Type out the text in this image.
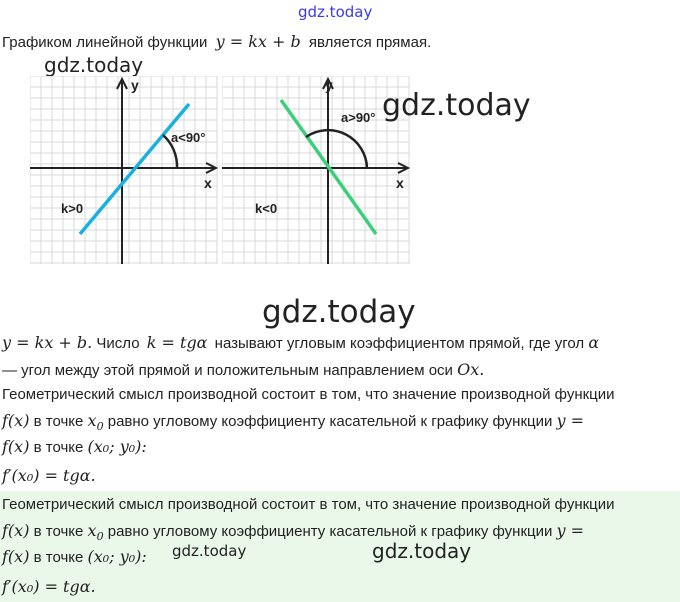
gdz.today
Графиком линейной функции y = kx + b является прямая.
gdz.today
a<90°
x
y
k>0
a>90°
x
y
k<0
gdz.today
gdz.today
y = kx + b. Число k = tgα называют угловым коэффициентом прямой, где угол α
— угол между этой прямой и положительным направлением оси Ox.
Геометрический смысл производной состоит в том, что значение производной функции
f(x) в точке $x_0$ равно угловому коэффициенту касательной к графику функции y =
f(x) в точке (x₀; y₀):
f′(x₀) = tgα.
Геометрический смысл производной состоит в том, что значение производной функции
f(x) в точке $x_0$ равно угловому коэффициенту касательной к графику функции y =
f(x) в точке (x₀; y₀):
f′(x₀) = tgα.
gdz.today	gdz.today
